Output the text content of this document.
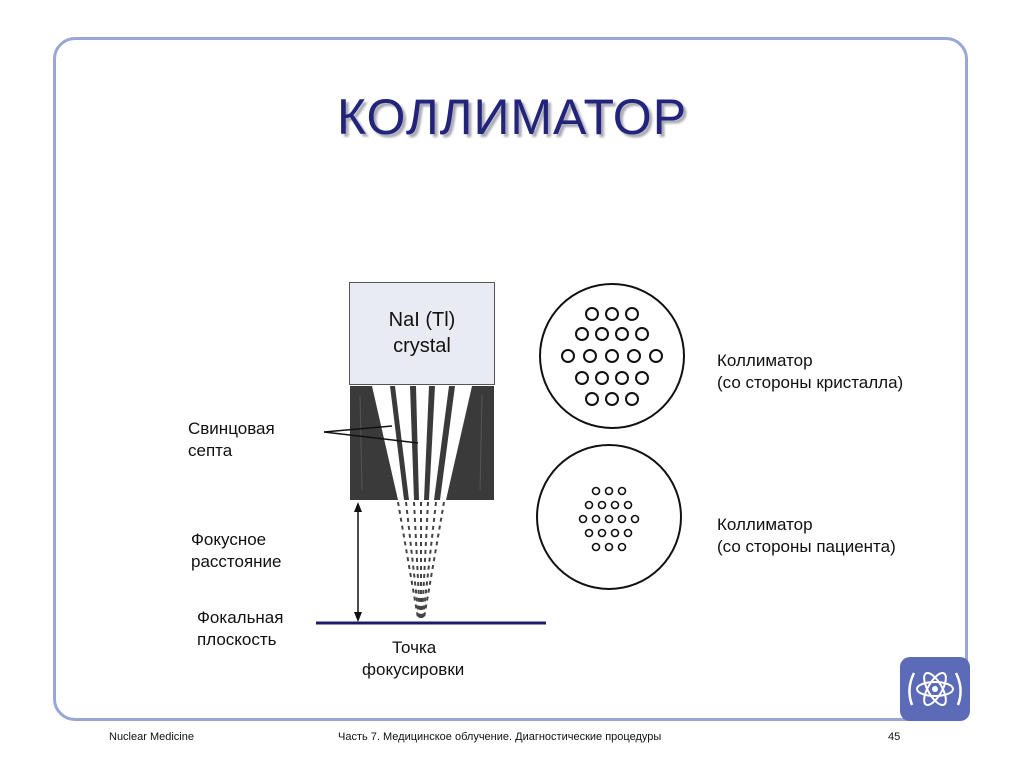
КОЛЛИМАТОР
NaI (Tl)
crystal
Свинцовая
септа
Фокусное
расстояние
Фокальная
плоскость	Точка
фокусировки
Коллиматор
(со стороны кристалла)
Коллиматор
(со стороны пациента)
Nuclear Medicine	Часть 7. Медицинское облучение. Диагностические процедуры	45
